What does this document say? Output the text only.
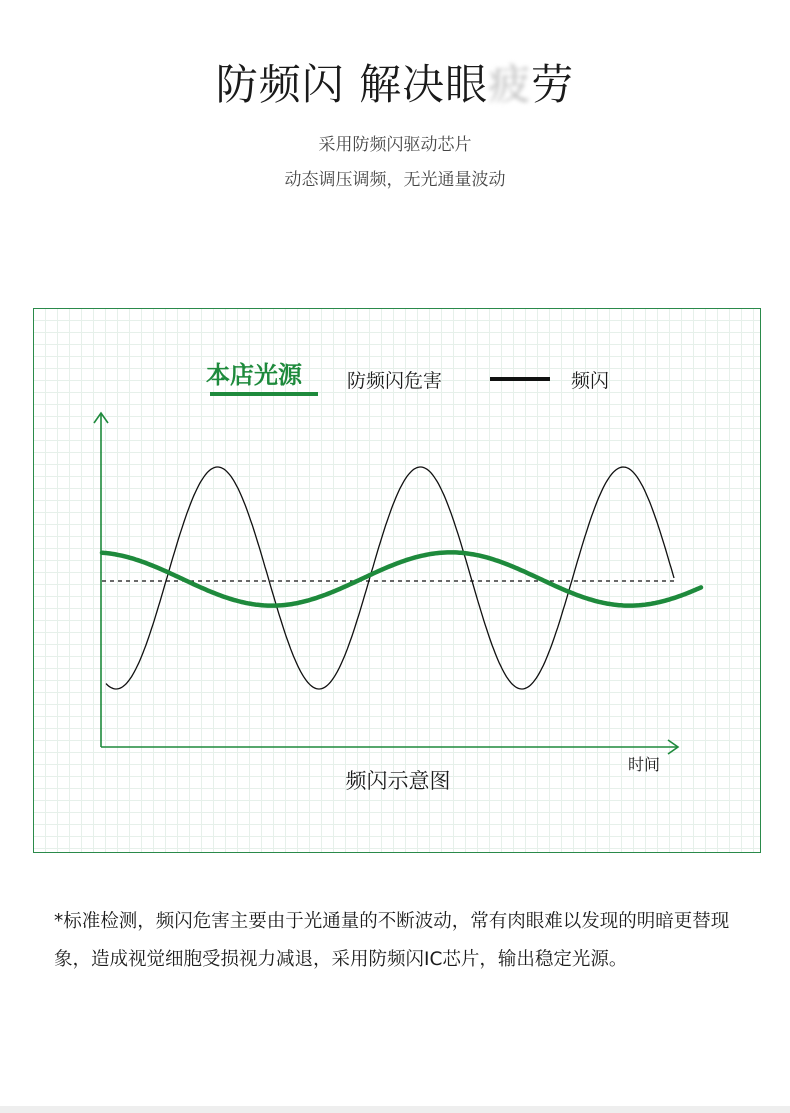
防频闪 解决眼疲劳
采用防频闪驱动芯片
动态调压调频，无光通量波动
本店光源 防频闪危害	频闪
时间
频闪示意图
*标准检测，频闪危害主要由于光通量的不断波动，常有肉眼难以发现的明暗更替现象，造成视觉细胞受损视力减退，采用防频闪IC芯片，输出稳定光源。
